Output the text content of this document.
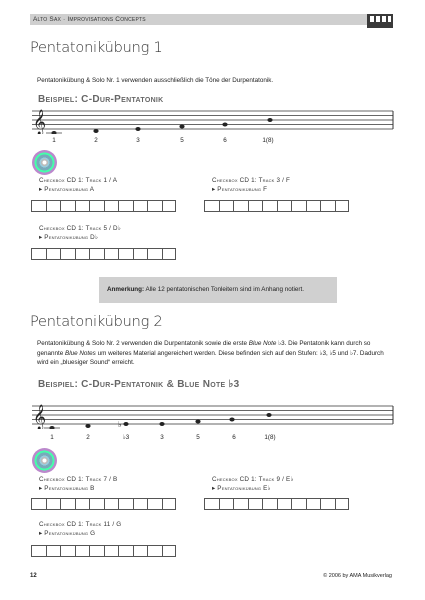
Alto Sax · Improvisations Concepts
Pentatonikübung 1
Pentatonikübung & Solo Nr. 1 verwenden ausschließlich die Töne der Durpentatonik.
Beispiel: C-Dur-Pentatonik
𝄞
1	2	3	5	6	1(8)
Checkbox CD 1: Track 1 / A
▸ Pentatonikübung A
Checkbox CD 1: Track 3 / F
▸ Pentatonikübung F
Checkbox CD 1: Track 5 / D♭
▸ Pentatonikübung D♭
Anmerkung: Alle 12 pentatonischen Tonleitern sind im Anhang notiert.
Pentatonikübung 2
Pentatonikübung & Solo Nr. 2 verwenden die Durpentatonik sowie die erste Blue Note ♭3. Die Pentatonik kann durch so genannte Blue Notes um weiteres Material angereichert werden. Diese befinden sich auf den Stufen: ♭3, ♭5 und ♭7. Dadurch wird ein „bluesiger Sound“ erreicht.
Beispiel: C-Dur-Pentatonik & Blue Note ♭3
𝄞	♭
1	2	♭3	3	5	6	1(8)
Checkbox CD 1: Track 7 / B
▸ Pentatonikübung B
Checkbox CD 1: Track 9 / E♭
▸ Pentatonikübung E♭
Checkbox CD 1: Track 11 / G
▸ Pentatonikübung G
12	© 2006 by AMA Musikverlag
